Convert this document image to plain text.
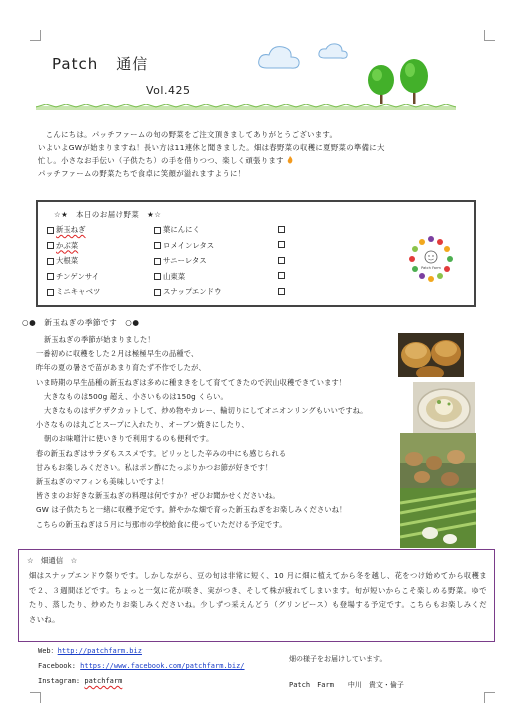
Patch 通信
Vol.425

　こんにちは。パッチファームの旬の野菜をご注文頂きましてありがとうございます。

いよいよGWが始まりますね！長い方は11連休と聞きました。畑は春野菜の収穫に夏野菜の準備に大

忙し。小さなお手伝い（子供たち）の手を借りつつ、楽しく頑張ります

パッチファームの野菜たちで食卓に笑顔が溢れますように！

☆★　本日のお届け野菜　★☆
新玉ねぎ
かぶ菜
大根菜
チンゲンサイ
ミニキャベツ
葉にんにく
ロメインレタス
サニーレタス
山東菜
スナップエンドウ
Patch Farm
○●　新玉ねぎの季節です　○●
新玉ねぎの季節が始まりました！
一番初めに収穫をした２月は極極早生の品種で、
昨年の夏の暑さで苗があまり育たず不作でしたが、
いま時期の早生品種の新玉ねぎは多めに種まきをして育ててきたので沢山収穫できています！
大きなものは500g 超え、小さいものは150g くらい。
大きなものはザクザクカットして、炒め物やカレー、輪切りにしてオニオンリングもいいですね。
小さなものは丸ごとスープに入れたり、オーブン焼きにしたり、
朝のお味噌汁に使いきりで利用するのも便利です。
春の新玉ねぎはサラダもススメです。ピリッとした辛みの中にも感じられる
甘みもお楽しみください。私はポン酢にたっぷりかつお節が好きです！
新玉ねぎのマフィンも美味しいですよ！
皆さまのお好きな新玉ねぎの料理は何ですか？ぜひお聞かせくださいね。
GW は子供たちと一緒に収穫予定です。鮮やかな畑で育った新玉ねぎをお楽しみくださいね！
こちらの新玉ねぎは５月に与那市の学校給食に使っていただける予定です。
☆　畑通信　☆
畑はスナップエンドウ祭りです。しかしながら、豆の旬は非常に短く、10 月に畑に植えてから冬を越し、花をつけ始めてから収穫まで２、３週間ほどです。ちょっと一気に花が咲き、実がつき、そして株が疲れてしまいます。旬が短いからこそ楽しめる野菜。ゆでたり、蒸したり、炒めたりお楽しみくださいね。少しずつ采えんどう（グリンピース）も登場する予定です。こちらもお楽しみくださいね。
Web：http://patchfarm.biz
Facebook: https://www.facebook.com/patchfarm.biz/
Instagram: patchfarm
畑の様子をお届けしています。
Patch　Farm　　中川　貴文・倫子
